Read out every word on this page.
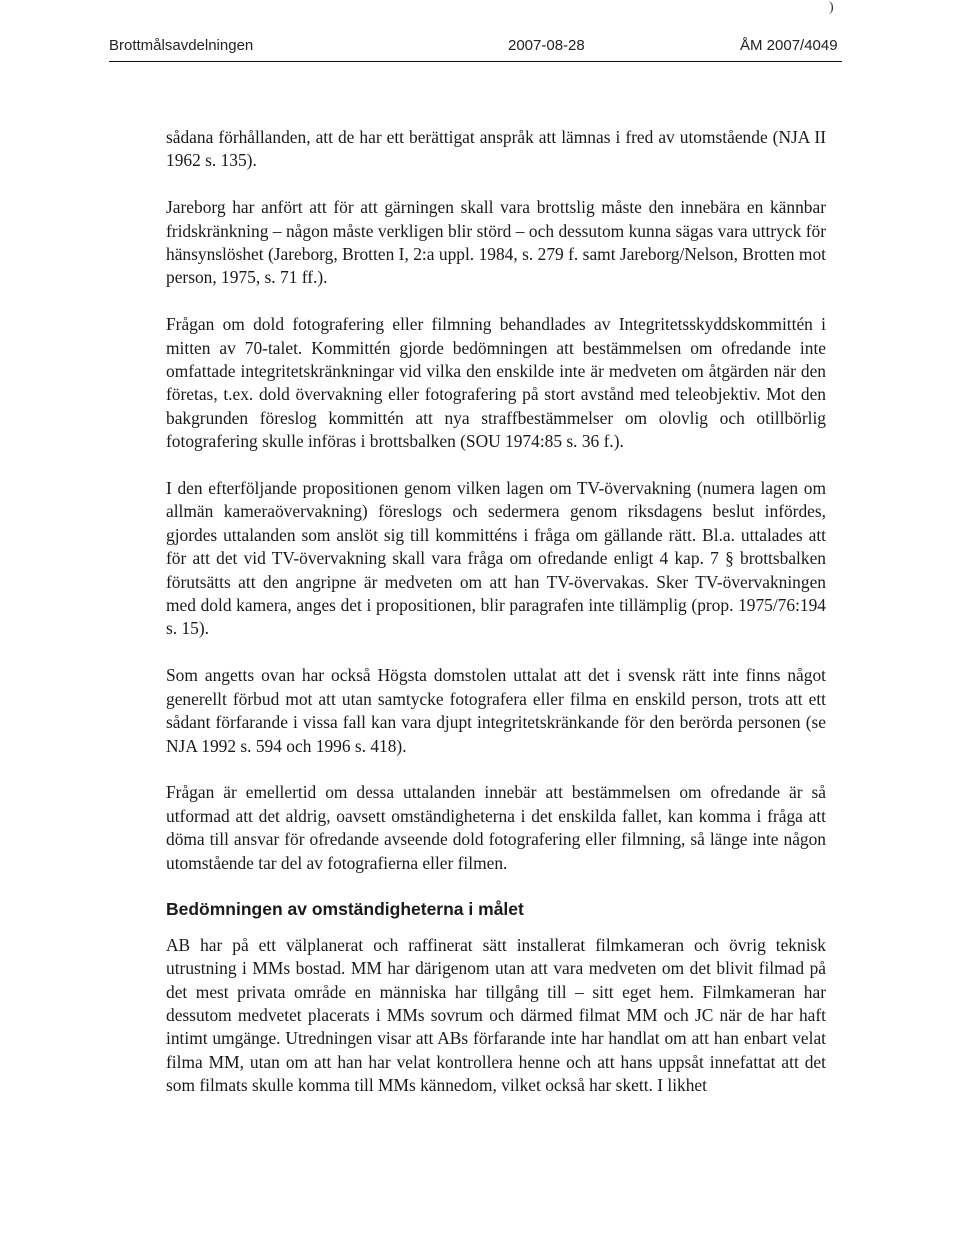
)
Brottmålsavdelningen	2007-08-28	ÅM 2007/4049

sådana förhållanden, att de har ett berättigat anspråk att lämnas i fred av utomstående (NJA II 1962 s. 135).

Jareborg har anfört att för att gärningen skall vara brottslig måste den innebära en kännbar fridskränkning – någon måste verkligen blir störd – och dessutom kunna sägas vara uttryck för hänsynslöshet (Jareborg, Brotten I, 2:a uppl. 1984, s. 279 f. samt Jareborg/Nelson, Brotten mot person, 1975, s. 71 ff.).

Frågan om dold fotografering eller filmning behandlades av Integritetsskyddskommittén i mitten av 70-talet. Kommittén gjorde bedömningen att bestämmelsen om ofredande inte omfattade integritetskränkningar vid vilka den enskilde inte är medveten om åtgärden när den företas, t.ex. dold övervakning eller fotografering på stort avstånd med teleobjektiv. Mot den bakgrunden föreslog kommittén att nya straffbestämmelser om olovlig och otillbörlig fotografering skulle införas i brottsbalken (SOU 1974:85 s. 36 f.).

I den efterföljande propositionen genom vilken lagen om TV-övervakning (numera lagen om allmän kameraövervakning) föreslogs och sedermera genom riksdagens beslut infördes, gjordes uttalanden som anslöt sig till kommitténs i fråga om gällande rätt. Bl.a. uttalades att för att det vid TV-övervakning skall vara fråga om ofredande enligt 4 kap. 7 § brottsbalken förutsätts att den angripne är medveten om att han TV-övervakas. Sker TV-övervakningen med dold kamera, anges det i propositionen, blir paragrafen inte tillämplig (prop. 1975/76:194 s. 15).

Som angetts ovan har också Högsta domstolen uttalat att det i svensk rätt inte finns något generellt förbud mot att utan samtycke fotografera eller filma en enskild person, trots att ett sådant förfarande i vissa fall kan vara djupt integritetskränkande för den berörda personen (se NJA 1992 s. 594 och 1996 s. 418).

Frågan är emellertid om dessa uttalanden innebär att bestämmelsen om ofredande är så utformad att det aldrig, oavsett omständigheterna i det enskilda fallet, kan komma i fråga att döma till ansvar för ofredande avseende dold fotografering eller filmning, så länge inte någon utomstående tar del av fotografierna eller filmen.

Bedömningen av omständigheterna i målet

AB har på ett välplanerat och raffinerat sätt installerat filmkameran och övrig teknisk utrustning i MMs bostad. MM har därigenom utan att vara medveten om det blivit filmad på det mest privata område en människa har tillgång till – sitt eget hem. Filmkameran har dessutom medvetet placerats i MMs sovrum och därmed filmat MM och JC när de har haft intimt umgänge. Utredningen visar att ABs förfarande inte har handlat om att han enbart velat filma MM, utan om att han har velat kontrollera henne och att hans uppsåt innefattat att det som filmats skulle komma till MMs kännedom, vilket också har skett. I likhet
